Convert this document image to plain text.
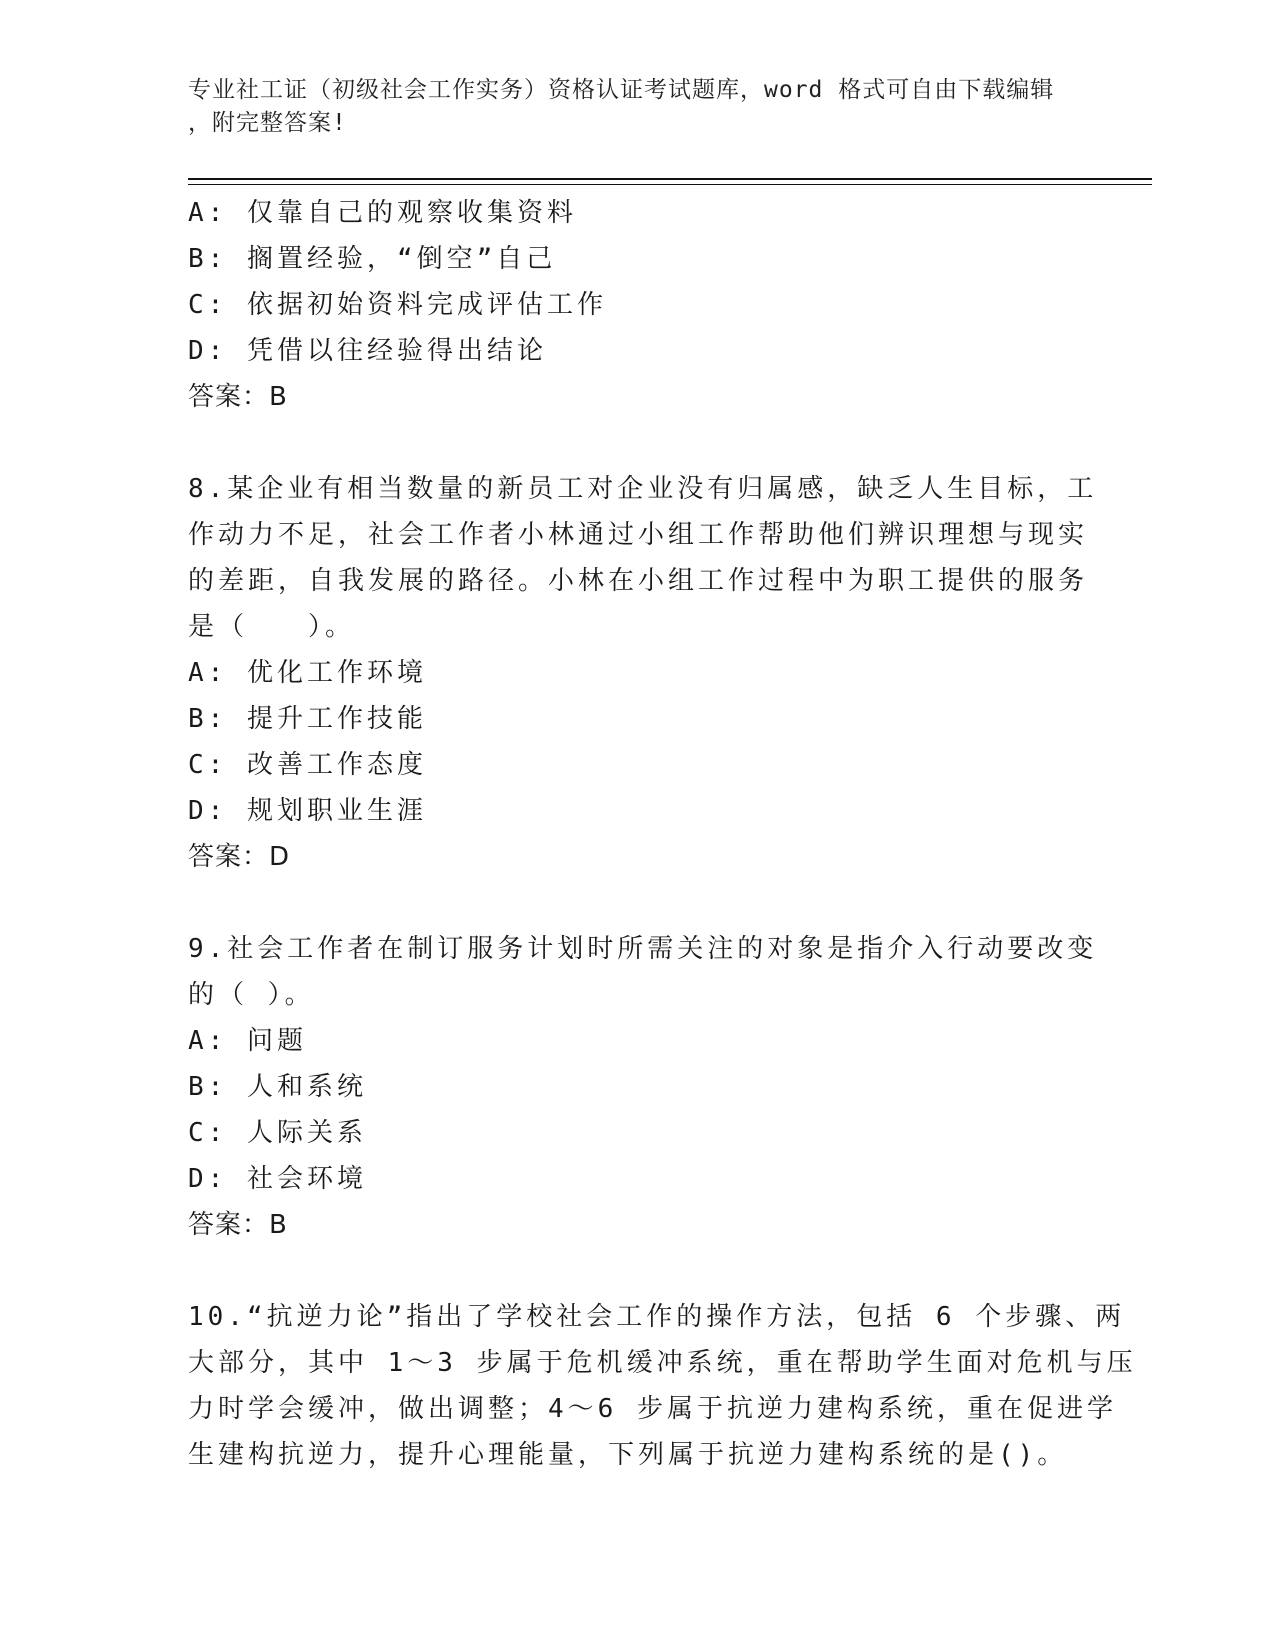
专业社工证（初级社会工作实务）资格认证考试题库，word 格式可自由下载编辑
，附完整答案!
A: 仅靠自己的观察收集资料
B: 搁置经验，“倒空”自己
C: 依据初始资料完成评估工作
D: 凭借以往经验得出结论
答案：B
8.某企业有相当数量的新员工对企业没有归属感，缺乏人生目标，工
作动力不足，社会工作者小林通过小组工作帮助他们辨识理想与现实
的差距，自我发展的路径。小林在小组工作过程中为职工提供的服务
是（　　）。
A: 优化工作环境
B: 提升工作技能
C: 改善工作态度
D: 规划职业生涯
答案：D
9.社会工作者在制订服务计划时所需关注的对象是指介入行动要改变
的（ ）。
A: 问题
B: 人和系统
C: 人际关系
D: 社会环境
答案：B
10.“抗逆力论”指出了学校社会工作的操作方法，包括 6 个步骤、两
大部分，其中 1～3 步属于危机缓冲系统，重在帮助学生面对危机与压
力时学会缓冲，做出调整；4～6 步属于抗逆力建构系统，重在促进学
生建构抗逆力，提升心理能量，下列属于抗逆力建构系统的是()。
